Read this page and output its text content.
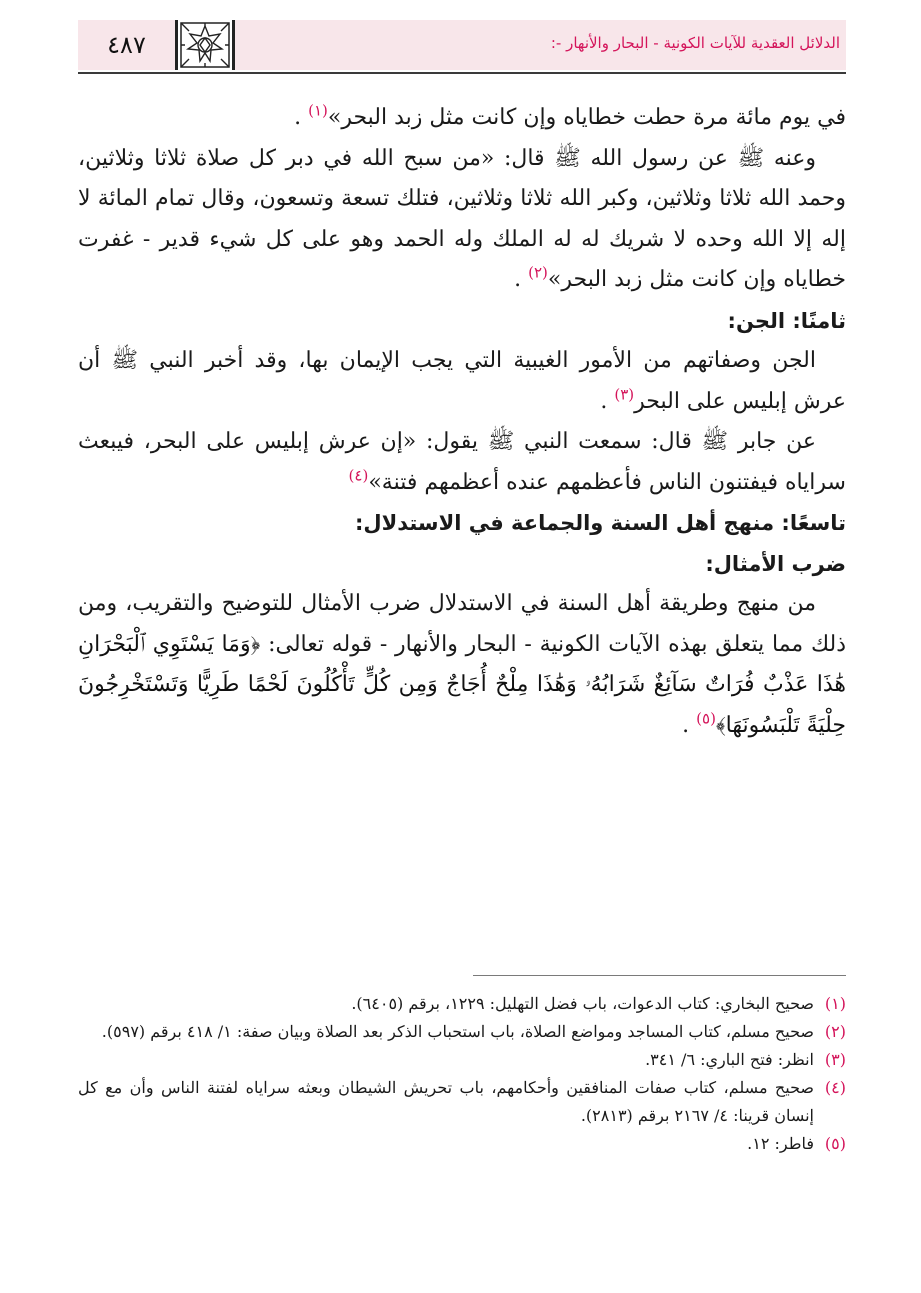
٤٨٧	الدلائل العقدية للآيات الكونية - البحار والأنهار -:

في يوم مائة مرة حطت خطاياه وإن كانت مثل زبد البحر»$^{(١)}$ .

وعنه ﷺ عن رسول الله ﷺ قال: «من سبح الله في دبر كل صلاة ثلاثا وثلاثين، وحمد الله ثلاثا وثلاثين، وكبر الله ثلاثا وثلاثين، فتلك تسعة وتسعون، وقال تمام المائة لا إله إلا الله وحده لا شريك له له الملك وله الحمد وهو على كل شيء قدير - غفرت خطاياه وإن كانت مثل زبد البحر»$^{(٢)}$ .

ثامنًا: الجن:

الجن وصفاتهم من الأمور الغيبية التي يجب الإيمان بها، وقد أخبر النبي ﷺ أن عرش إبليس على البحر$^{(٣)}$ .

عن جابر ﷺ قال: سمعت النبي ﷺ يقول: «إن عرش إبليس على البحر، فيبعث سراياه فيفتنون الناس فأعظمهم عنده أعظمهم فتنة»$^{(٤)}$

تاسعًا: منهج أهل السنة والجماعة في الاستدلال:

ضرب الأمثال:

من منهج وطريقة أهل السنة في الاستدلال ضرب الأمثال للتوضيح والتقريب، ومن ذلك مما يتعلق بهذه الآيات الكونية - البحار والأنهار - قوله تعالى: ﴿وَمَا يَسْتَوِي ٱلْبَحْرَانِ هَٰذَا عَذْبٌ فُرَاتٌ سَآئِغٌ شَرَابُهُۥ وَهَٰذَا مِلْحٌ أُجَاجٌ وَمِن كُلٍّ تَأْكُلُونَ لَحْمًا طَرِيًّا وَتَسْتَخْرِجُونَ حِلْيَةً تَلْبَسُونَهَا﴾$^{(٥)}$ .

(١)
صحيح البخاري: كتاب الدعوات، باب فضل التهليل: ١٢٢٩، برقم (٦٤٠٥).
(٢)
صحيح مسلم، كتاب المساجد ومواضع الصلاة، باب استحباب الذكر بعد الصلاة وبيان صفة: ١/ ٤١٨ برقم (٥٩٧).
(٣)
انظر: فتح الباري: ٦/ ٣٤١.
(٤)
صحيح مسلم، كتاب صفات المنافقين وأحكامهم، باب تحريش الشيطان وبعثه سراياه لفتنة الناس وأن مع كل إنسان قرينا: ٤/ ٢١٦٧ برقم (٢٨١٣).
(٥)
فاطر: ١٢.
